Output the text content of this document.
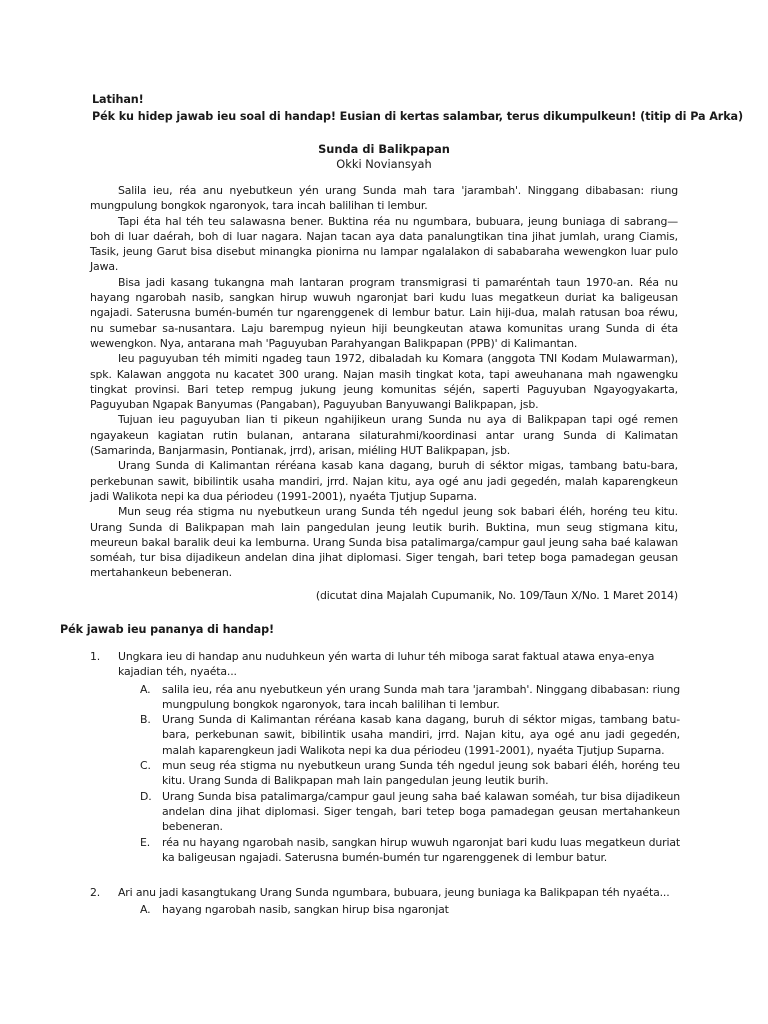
Latihan!
Pék ku hidep jawab ieu soal di handap! Eusian di kertas salambar, terus dikumpulkeun! (titip di Pa Arka)
Sunda di Balikpapan
Okki Noviansyah

Salila ieu, réa anu nyebutkeun yén urang Sunda mah tara 'jarambah'. Ninggang dibabasan: riung mungpulung bongkok ngaronyok, tara incah balilihan ti lembur.

Tapi éta hal téh teu salawasna bener. Buktina réa nu ngumbara, bubuara, jeung buniaga di sabrang—boh di luar daérah, boh di luar nagara. Najan tacan aya data panalungtikan tina jihat jumlah, urang Ciamis, Tasik, jeung Garut bisa disebut minangka pionirna nu lampar ngalalakon di sababaraha wewengkon luar pulo Jawa.

Bisa jadi kasang tukangna mah lantaran program transmigrasi ti pamaréntah taun 1970-an. Réa nu hayang ngarobah nasib, sangkan hirup wuwuh ngaronjat bari kudu luas megatkeun duriat ka baligeusan ngajadi. Saterusna bumén-bumén tur ngarenggenek di lembur batur. Lain hiji-dua, malah ratusan boa réwu, nu sumebar sa-nusantara. Laju barempug nyieun hiji beungkeutan atawa komunitas urang Sunda di éta wewengkon. Nya, antarana mah 'Paguyuban Parahyangan Balikpapan (PPB)' di Kalimantan.

Ieu paguyuban téh mimiti ngadeg taun 1972, dibaladah ku Komara (anggota TNI Kodam Mulawarman), spk. Kalawan anggota nu kacatet 300 urang. Najan masih tingkat kota, tapi aweuhanana mah ngawengku tingkat provinsi. Bari tetep rempug jukung jeung komunitas séjén, saperti Paguyuban Ngayogyakarta, Paguyuban Ngapak Banyumas (Pangaban), Paguyuban Banyuwangi Balikpapan, jsb.

Tujuan ieu paguyuban lian ti pikeun ngahijikeun urang Sunda nu aya di Balikpapan tapi ogé remen ngayakeun kagiatan rutin bulanan, antarana silaturahmi/koordinasi antar urang Sunda di Kalimatan (Samarinda, Banjarmasin, Pontianak, jrrd), arisan, miéling HUT Balikpapan, jsb.

Urang Sunda di Kalimantan réréana kasab kana dagang, buruh di séktor migas, tambang batu-bara, perkebunan sawit, bibilintik usaha mandiri, jrrd. Najan kitu, aya ogé anu jadi gegedén, malah kaparengkeun jadi Walikota nepi ka dua périodeu (1991-2001), nyaéta Tjutjup Suparna.

Mun seug réa stigma nu nyebutkeun urang Sunda téh ngedul jeung sok babari éléh, horéng teu kitu. Urang Sunda di Balikpapan mah lain pangedulan jeung leutik burih. Buktina, mun seug stigmana kitu, meureun bakal baralik deui ka lemburna. Urang Sunda bisa patalimarga/campur gaul jeung saha baé kalawan soméah, tur bisa dijadikeun andelan dina jihat diplomasi. Siger tengah, bari tetep boga pamadegan geusan mertahankeun bebeneran.

(dicutat dina Majalah Cupumanik, No. 109/Taun X/No. 1 Maret 2014)
Pék jawab ieu pananya di handap!
1. Ungkara ieu di handap anu nuduhkeun yén warta di luhur téh miboga sarat faktual atawa enya-enya kajadian téh, nyaéta...
A. salila ieu, réa anu nyebutkeun yén urang Sunda mah tara 'jarambah'. Ninggang dibabasan: riung mungpulung bongkok ngaronyok, tara incah balilihan ti lembur.
B. Urang Sunda di Kalimantan réréana kasab kana dagang, buruh di séktor migas, tambang batu-bara, perkebunan sawit, bibilintik usaha mandiri, jrrd. Najan kitu, aya ogé anu jadi gegedén, malah kaparengkeun jadi Walikota nepi ka dua périodeu (1991-2001), nyaéta Tjutjup Suparna.
C. mun seug réa stigma nu nyebutkeun urang Sunda téh ngedul jeung sok babari éléh, horéng teu kitu. Urang Sunda di Balikpapan mah lain pangedulan jeung leutik burih.
D. Urang Sunda bisa patalimarga/campur gaul jeung saha baé kalawan soméah, tur bisa dijadikeun andelan dina jihat diplomasi. Siger tengah, bari tetep boga pamadegan geusan mertahankeun bebeneran.
E. réa nu hayang ngarobah nasib, sangkan hirup wuwuh ngaronjat bari kudu luas megatkeun duriat ka baligeusan ngajadi. Saterusna bumén-bumén tur ngarenggenek di lembur batur.
2. Ari anu jadi kasangtukang Urang Sunda ngumbara, bubuara, jeung buniaga ka Balikpapan téh nyaéta...
A. hayang ngarobah nasib, sangkan hirup bisa ngaronjat
